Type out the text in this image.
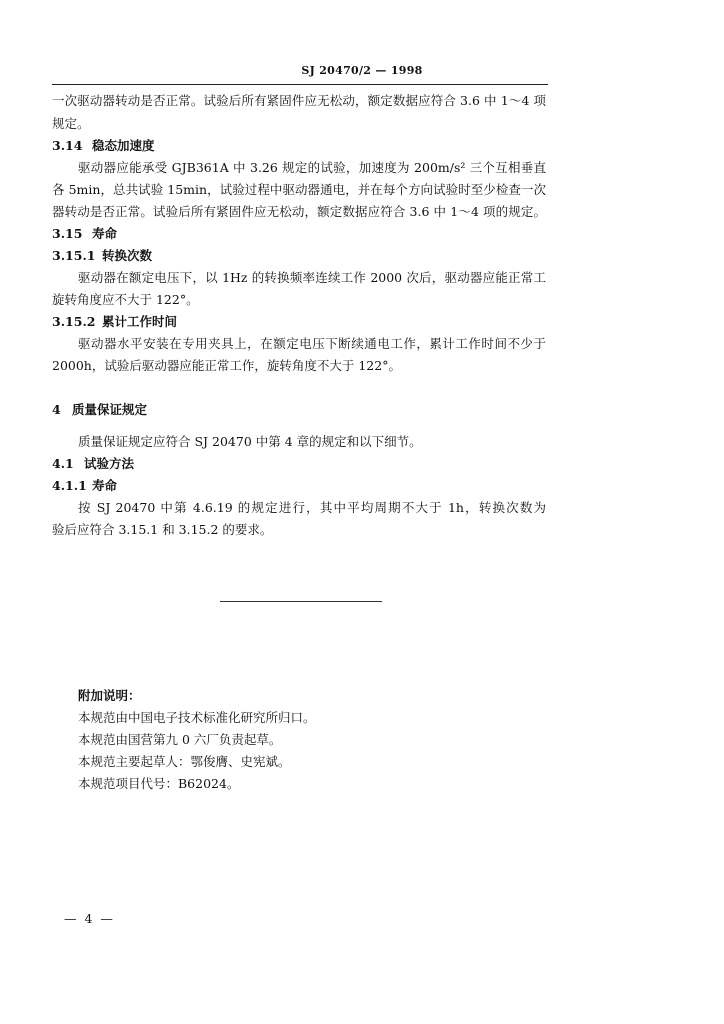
SJ 20470/2 — 1998
一次驱动器转动是否正常。试验后所有紧固件应无松动，额定数据应符合 3.6 中 1～4 项
规定。
3.14 稳态加速度
驱动器应能承受 GJB361A 中 3.26 规定的试验，加速度为 200m/s² 三个互相垂直
各 5min，总共试验 15min，试验过程中驱动器通电，并在每个方向试验时至少检查一次
器转动是否正常。试验后所有紧固件应无松动，额定数据应符合 3.6 中 1～4 项的规定。
3.15 寿命
3.15.1 转换次数
驱动器在额定电压下，以 1Hz 的转换频率连续工作 2000 次后，驱动器应能正常工
旋转角度应不大于 122°。
3.15.2 累计工作时间
驱动器水平安装在专用夹具上，在额定电压下断续通电工作，累计工作时间不少于
2000h，试验后驱动器应能正常工作，旋转角度不大于 122°。
4 质量保证规定
质量保证规定应符合 SJ 20470 中第 4 章的规定和以下细节。
4.1 试验方法
4.1.1 寿命
按 SJ 20470 中第 4.6.19 的规定进行，其中平均周期不大于 1h，转换次数为
验后应符合 3.15.1 和 3.15.2 的要求。
附加说明：
本规范由中国电子技术标准化研究所归口。
本规范由国营第九 0 六厂负责起草。
本规范主要起草人：鄂俊膺、史宪斌。
本规范项目代号：B62024。
— 4 —
